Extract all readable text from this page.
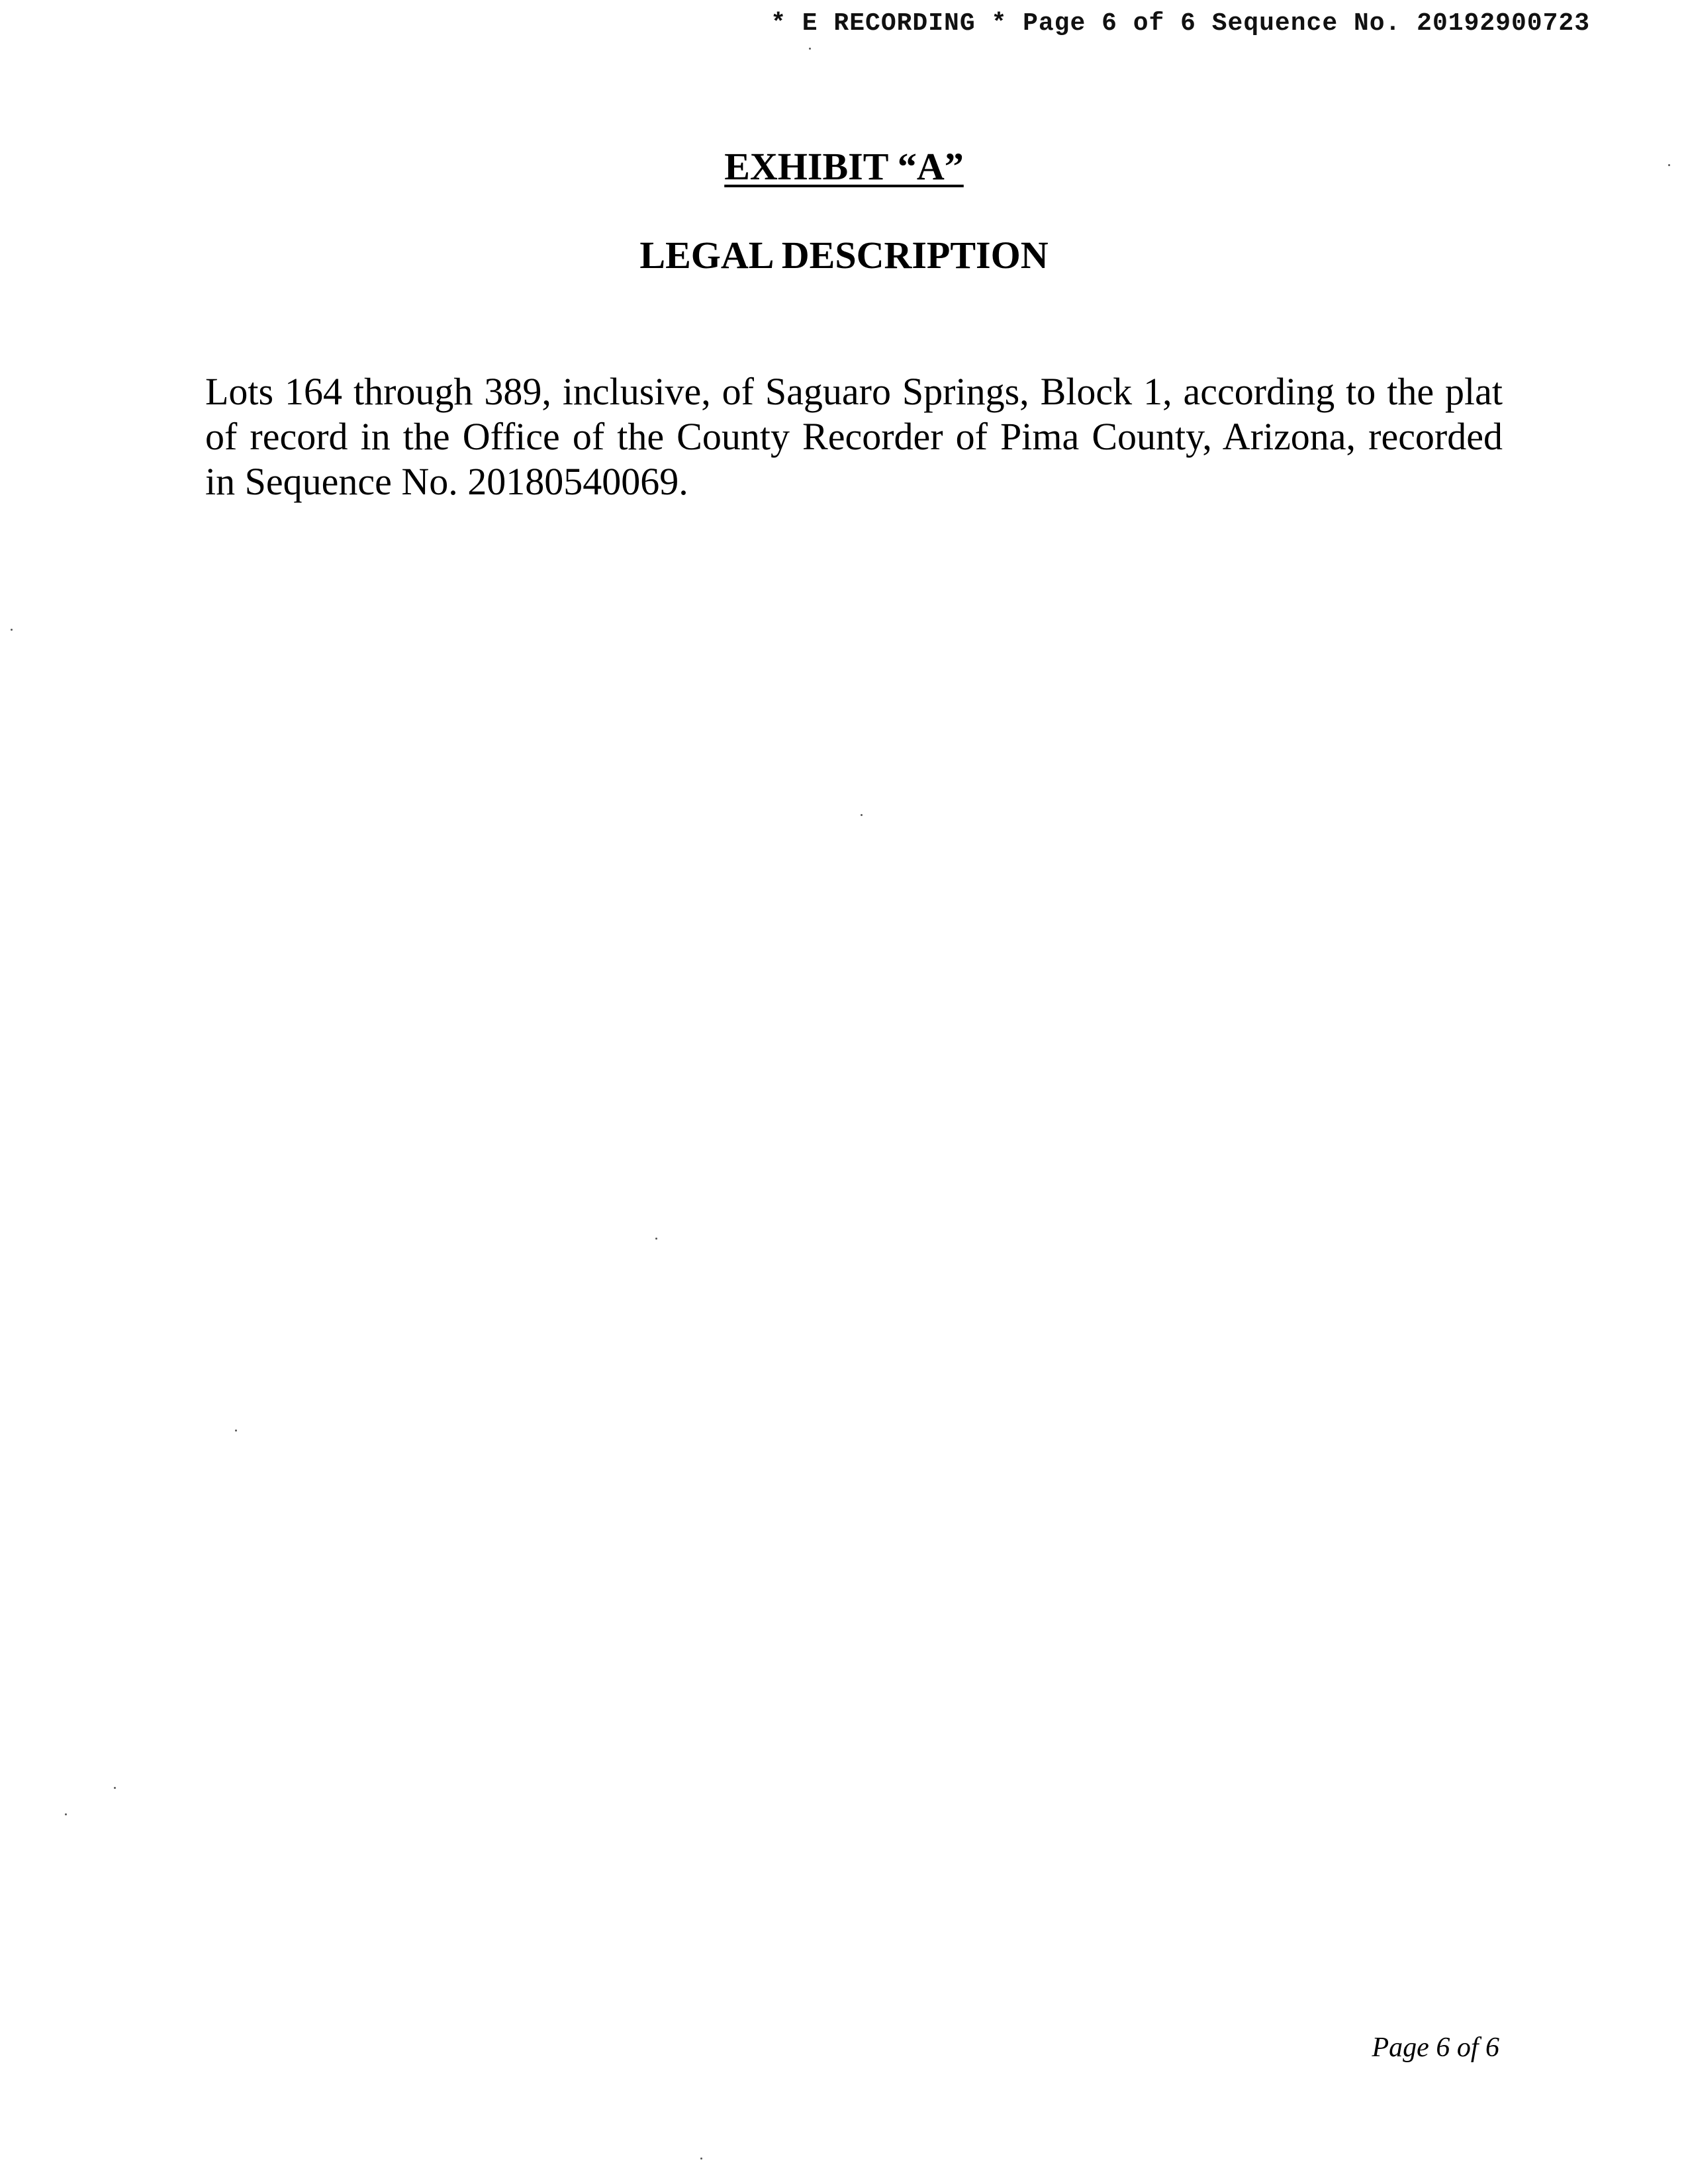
* E RECORDING * Page 6 of 6 Sequence No. 20192900723
EXHIBIT “A”
LEGAL DESCRIPTION
Lots 164 through 389, inclusive, of Saguaro Springs, Block 1, according to the plat of record in the Office of the County Recorder of Pima County, Arizona, recorded in Sequence No. 20180540069.
Page 6 of 6
